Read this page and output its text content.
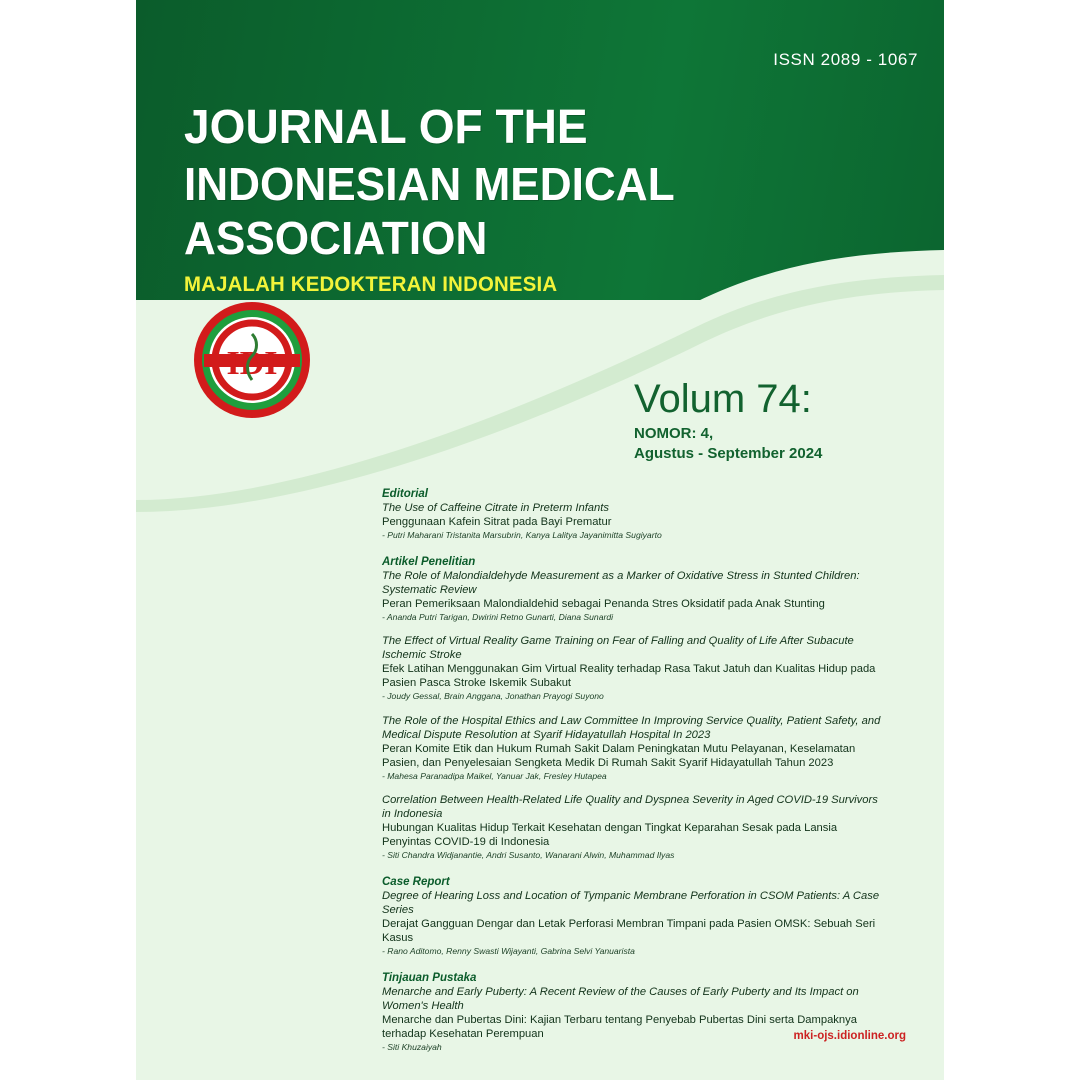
ISSN 2089 - 1067
JOURNAL OF THE
INDONESIAN MEDICAL ASSOCIATION
MAJALAH KEDOKTERAN INDONESIA
IDI
Volum 74:
NOMOR: 4,
Agustus - September 2024
Editorial
The Use of Caffeine Citrate in Preterm Infants
Penggunaan Kafein Sitrat pada Bayi Prematur
- Putri Maharani Tristanita Marsubrin, Kanya Lalitya Jayanimitta Sugiyarto
Artikel Penelitian
The Role of Malondialdehyde Measurement as a Marker of Oxidative Stress in Stunted Children: Systematic Review
Peran Pemeriksaan Malondialdehid sebagai Penanda Stres Oksidatif pada Anak Stunting
- Ananda Putri Tarigan, Dwirini Retno Gunarti, Diana Sunardi
The Effect of Virtual Reality Game Training on Fear of Falling and Quality of Life After Subacute Ischemic Stroke
Efek Latihan Menggunakan Gim Virtual Reality terhadap Rasa Takut Jatuh dan Kualitas Hidup pada Pasien Pasca Stroke Iskemik Subakut
- Joudy Gessal, Brain Anggana, Jonathan Prayogi Suyono
The Role of the Hospital Ethics and Law Committee In Improving Service Quality, Patient Safety, and Medical Dispute Resolution at Syarif Hidayatullah Hospital In 2023
Peran Komite Etik dan Hukum Rumah Sakit Dalam Peningkatan Mutu Pelayanan, Keselamatan Pasien, dan Penyelesaian Sengketa Medik Di Rumah Sakit Syarif Hidayatullah Tahun 2023
- Mahesa Paranadipa Maikel, Yanuar Jak, Fresley Hutapea
Correlation Between Health-Related Life Quality and Dyspnea Severity in Aged COVID-19 Survivors in Indonesia
Hubungan Kualitas Hidup Terkait Kesehatan dengan Tingkat Keparahan Sesak pada Lansia Penyintas COVID-19 di Indonesia
- Siti Chandra Widjanantie, Andri Susanto, Wanarani Alwin, Muhammad Ilyas
Case Report
Degree of Hearing Loss and Location of Tympanic Membrane Perforation in CSOM Patients: A Case Series
Derajat Gangguan Dengar dan Letak Perforasi Membran Timpani pada Pasien OMSK: Sebuah Seri Kasus
- Rano Aditomo, Renny Swasti Wijayanti, Gabrina Selvi Yanuarista
Tinjauan Pustaka
Menarche and Early Puberty: A Recent Review of the Causes of Early Puberty and Its Impact on Women's Health
Menarche dan Pubertas Dini: Kajian Terbaru tentang Penyebab Pubertas Dini serta Dampaknya terhadap Kesehatan Perempuan
- Siti Khuzaiyah
mki-ojs.idionline.org
